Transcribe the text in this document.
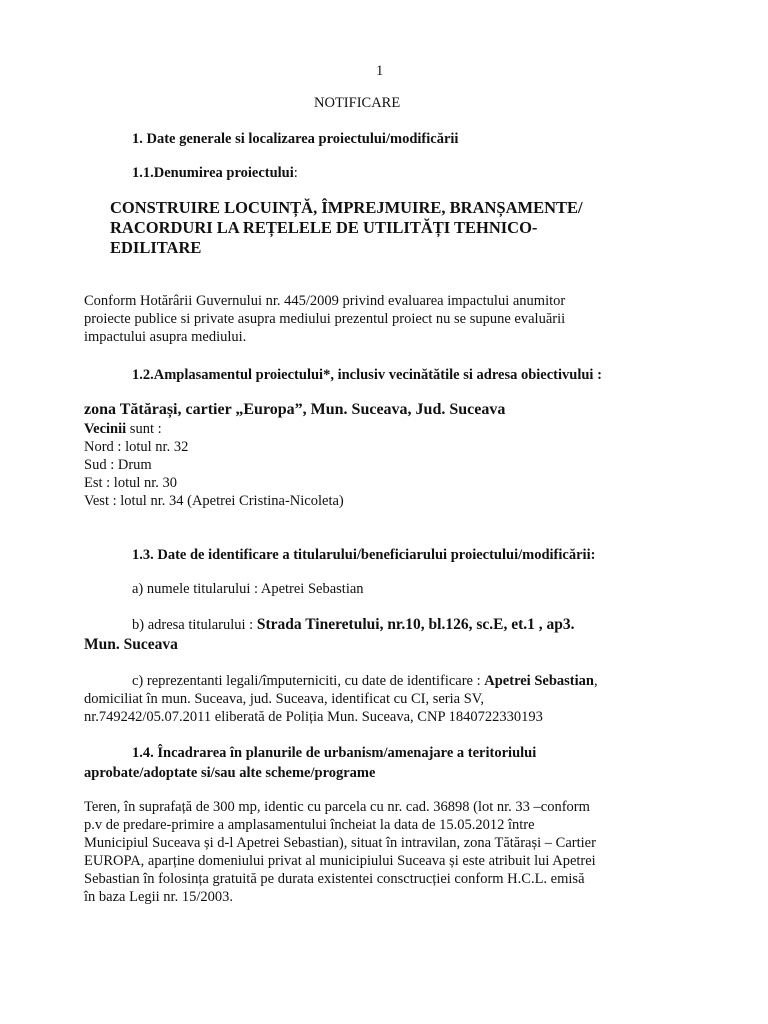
1
NOTIFICARE
1. Date generale si localizarea proiectului/modificării
1.1.Denumirea proiectului:
CONSTRUIRE LOCUINȚĂ, ÎMPREJMUIRE, BRANȘAMENTE/
RACORDURI LA REȚELELE DE UTILITĂȚI TEHNICO-
EDILITARE
Conform Hotărârii Guvernului nr. 445/2009 privind evaluarea impactului anumitor
proiecte publice si private asupra mediului prezentul proiect nu se supune evaluării
impactului asupra mediului.
1.2.Amplasamentul proiectului*, inclusiv vecinătătile si adresa obiectivului :
zona Tătărași, cartier „Europa”, Mun. Suceava, Jud. Suceava
Vecinii sunt :
Nord : lotul nr. 32
Sud : Drum
Est : lotul nr. 30
Vest : lotul nr. 34 (Apetrei Cristina-Nicoleta)
1.3. Date de identificare a titularului/beneficiarului proiectului/modificării:
a) numele titularului : Apetrei Sebastian
b) adresa titularului : Strada Tineretului, nr.10, bl.126, sc.E, et.1 , ap3.
Mun. Suceava
c) reprezentanti legali/împuterniciti, cu date de identificare : Apetrei Sebastian,
domiciliat în mun. Suceava, jud. Suceava, identificat cu CI, seria SV,
nr.749242/05.07.2011 eliberată de Poliția Mun. Suceava, CNP 1840722330193
1.4. Încadrarea în planurile de urbanism/amenajare a teritoriului
aprobate/adoptate si/sau alte scheme/programe
Teren, în suprafață de 300 mp, identic cu parcela cu nr. cad. 36898 (lot nr. 33 –conform
p.v de predare-primire a amplasamentului încheiat la data de 15.05.2012 între
Municipiul Suceava și d-l Apetrei Sebastian), situat în intravilan, zona Tătărași – Cartier
EUROPA, aparține domeniului privat al municipiului Suceava și este atribuit lui Apetrei
Sebastian în folosința gratuită pe durata existentei consctrucției conform H.C.L. emisă
în baza Legii nr. 15/2003.
